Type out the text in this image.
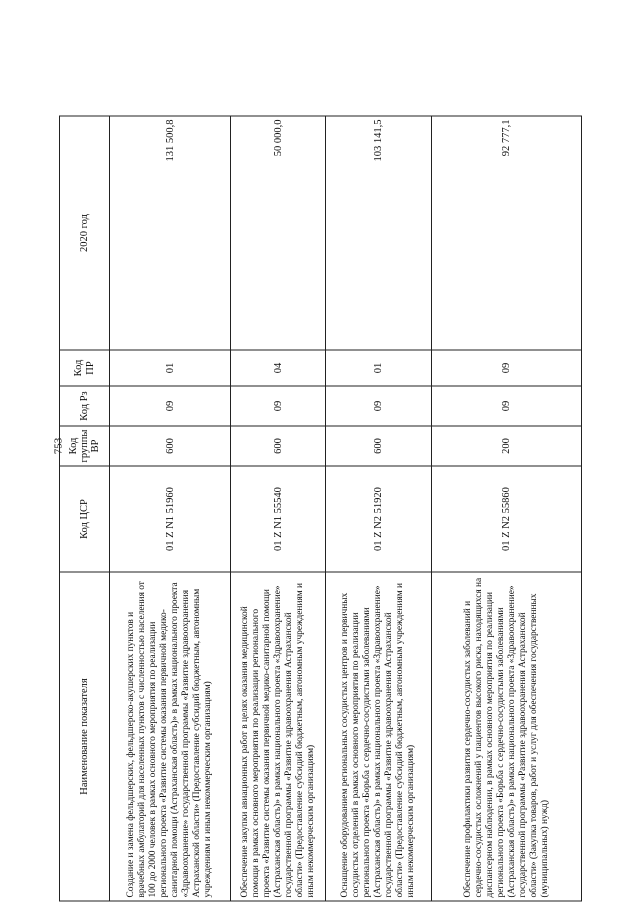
753
Наименование показателя	Код ЦСР	Код группы ВР	Код Рз	Код ПР	2020 год
Создание и замена фельдшерских, фельдшерско-акушерских пунктов и врачебных амбулаторий для населенных пунктов с численностью населения от 100 до 2000 человек в рамках основного мероприятия по реализации регионального проекта «Развитие системы оказания первичной медико-санитарной помощи (Астраханская область)» в рамках национального проекта «Здравоохранение» государственной программы «Развитие здравоохранения Астраханской области» (Предоставление субсидий бюджетным, автономным учреждениям и иным некоммерческим организациям)	01 Z N1 51960	600	09	01	131 500,8
Обеспечение закупки авиационных работ в целях оказания медицинской помощи в рамках основного мероприятия по реализации регионального проекта «Развитие системы оказания первичной медико-санитарной помощи (Астраханская область)» в рамках национального проекта «Здравоохранение» государственной программы «Развитие здравоохранения Астраханской области» (Предоставление субсидий бюджетным, автономным учреждениям и иным некоммерческим организациям)	01 Z N1 55540	600	09	04	50 000,0
Оснащение оборудованием региональных сосудистых центров и первичных сосудистых отделений в рамках основного мероприятия по реализации регионального проекта «Борьба с сердечно-сосудистыми заболеваниями (Астраханская область)» в рамках национального проекта «Здравоохранение» государственной программы «Развитие здравоохранения Астраханской области» (Предоставление субсидий бюджетным, автономным учреждениям и иным некоммерческим организациям)	01 Z N2 51920	600	09	01	103 141,5
Обеспечение профилактики развития сердечно-сосудистых заболеваний и сердечно-сосудистых осложнений у пациентов высокого риска, находящихся на диспансерном наблюдении, в рамках основного мероприятия по реализации регионального проекта «Борьба с сердечно-сосудистыми заболеваниями (Астраханская область)» в рамках национального проекта «Здравоохранение» государственной программы «Развитие здравоохранения Астраханской области» (Закупка товаров, работ и услуг для обеспечения государственных (муниципальных) нужд)	01 Z N2 55860	200	09	09	92 777,1
